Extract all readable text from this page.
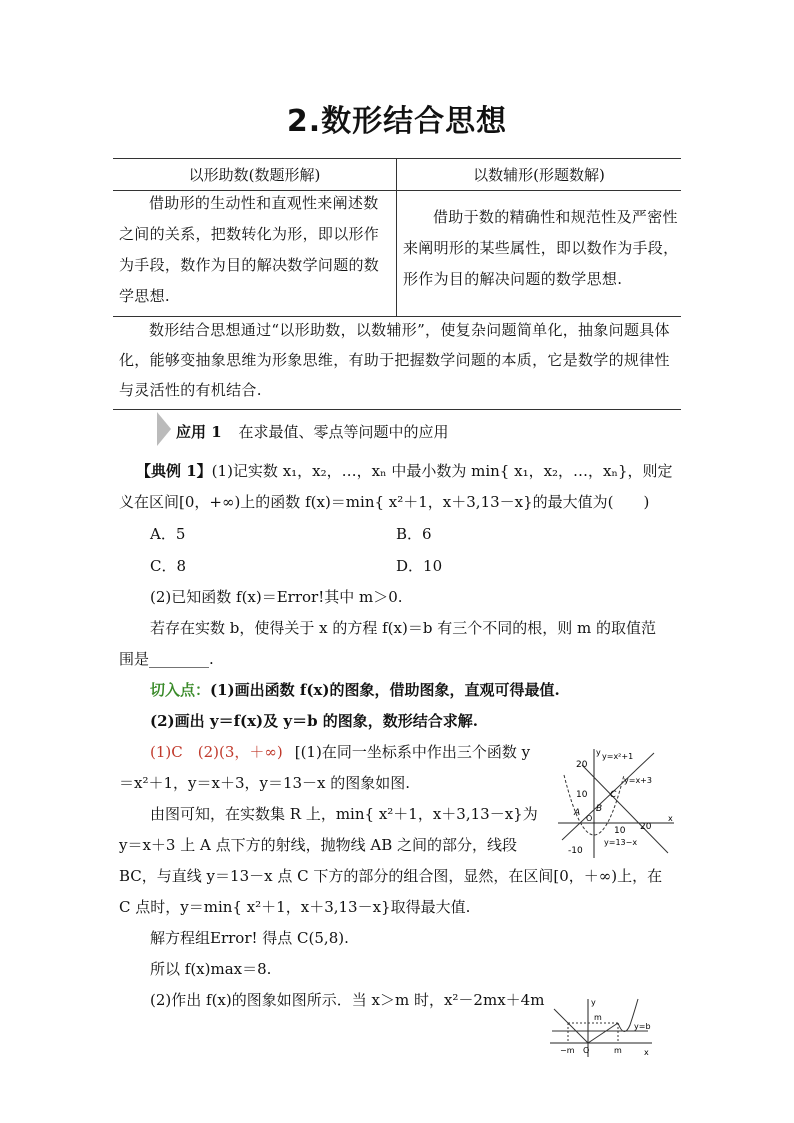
2.数形结合思想
以形助数(数题形解)	以数辅形(形题数解)
借助形的生动性和直观性来阐述数之间的关系，把数转化为形，即以形作为手段，数作为目的解决数学问题的数学思想.
借助于数的精确性和规范性及严密性来阐明形的某些属性，即以数作为手段，形作为目的解决问题的数学思想.
数形结合思想通过“以形助数，以数辅形”，使复杂问题简单化，抽象问题具体化，能够变抽象思维为形象思维，有助于把握数学问题的本质，它是数学的规律性与灵活性的有机结合.
应用 1 在求最值、零点等问题中的应用
【典例 1】(1)记实数 x₁，x₂，…，xₙ 中最小数为 min{ x₁，x₂，…，xₙ}，则定
义在区间[0，+∞)上的函数 f(x)＝min{ x²＋1，x＋3,13－x}的最大值为(　　)
A．5	B．6
C．8	D．10
(2)已知函数 f(x)＝Error!其中 m＞0.
若存在实数 b，使得关于 x 的方程 f(x)＝b 有三个不同的根，则 m 的取值范
围是________.
切入点：(1)画出函数 f(x)的图象，借助图象，直观可得最值.
(2)画出 y＝f(x)及 y＝b 的图象，数形结合求解.
(1)C　(2)(3，＋∞) [(1)在同一坐标系中作出三个函数 y
＝x²＋1，y＝x＋3，y＝13－x 的图象如图.
由图可知，在实数集 R 上，min{ x²＋1，x＋3,13－x}为
y＝x＋3 上 A 点下方的射线，抛物线 AB 之间的部分，线段
BC，与直线 y＝13－x 点 C 下方的部分的组合图，显然，在区间[0，＋∞)上，在
C 点时，y＝min{ x²＋1，x＋3,13－x}取得最大值.
解方程组Error! 得点 C(5,8).
所以 f(x)max＝8.
(2)作出 f(x)的图象如图所示．当 x＞m 时，x²－2mx＋4m
y
x
20
10
-10
10 20
O
A B
C
y=x²+1
y=x+3
y=13−x
y
x
m
−m O	m
y=b
